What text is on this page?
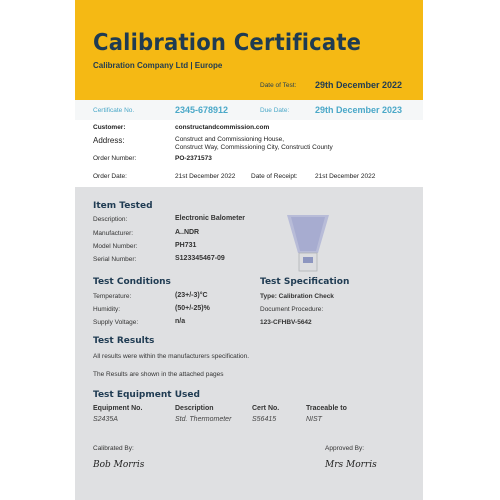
Calibration Certificate
Calibration Company Ltd | Europe
Date of Test: 29th December 2022
Certificate No.	2345-678912	Due Date:	29th December 2023
Customer:	constructandcommission.com
Address:	Construct and Commissioning House,
Construct Way, Commissioning City, Constructi County
Order Number:	PO-2371573
Order Date:	21st December 2022 Date of Receipt:	21st December 2022
Item Tested
Description:	Electronic Balometer
Manufacturer:	A..NDR
Model Number:	PH731
Serial Number:	S123345467-09
Test Conditions
Temperature:	(23+/-3)°C
Humidity:	(50+/-25)%
Supply Voltage:	n/a
Test Specification
Type: Calibration Check
Document Procedure:
123-CFHBV-5642
Test Results
All results were within the manufacturers specification.
The Results are shown in the attached pages
Test Equipment Used
Equipment No.	Description	Cert No.	Traceable to
S2435A	Std. Thermometer	S56415	NIST
Calibrated By:
Bob Morris
Approved By:
Mrs Morris
